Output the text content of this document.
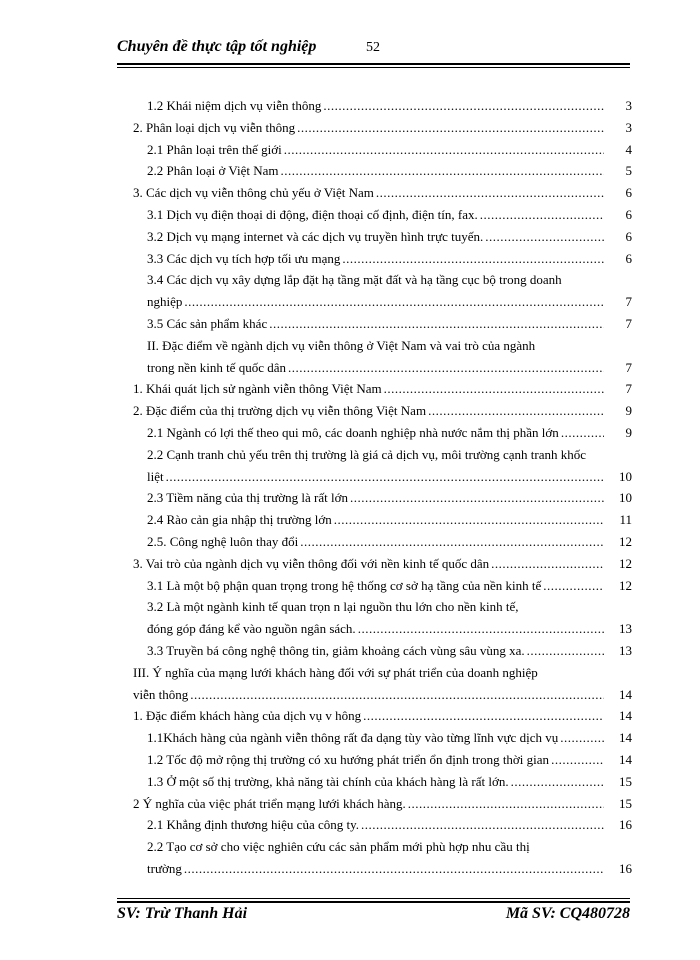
Chuyên đề thực tập tốt nghiệp	52
1.2 Khái niệm dịch vụ viễn thông .....	3
2. Phân loại dịch vụ viễn thông .....	3
2.1 Phân loại trên thế giới .....	4
2.2 Phân loại ở Việt Nam .....	5
3. Các dịch vụ viễn thông chủ yếu ở Việt Nam .....	6
3.1 Dịch vụ điện thoại di động, điện thoại cố định, điện tín, fax. .....	6
3.2 Dịch vụ mạng internet và các dịch vụ truyền hình trực tuyến. .....	6
3.3 Các dịch vụ tích hợp tối ưu mạng .....	6
3.4 Các dịch vụ xây dựng lắp đặt hạ tầng mặt đất và hạ tầng cục bộ trong doanh
nghiệp .....	7
3.5 Các sản phẩm khác .....	7
II. Đặc điểm về ngành dịch vụ viễn thông ở Việt Nam và vai trò của ngành
trong nền kinh tế quốc dân .....	7
1. Khái quát lịch sử ngành viễn thông Việt Nam .....	7
2. Đặc điểm của thị trường dịch vụ viễn thông Việt Nam .....	9
2.1 Ngành có lợi thế theo qui mô, các doanh nghiệp nhà nước nắm thị phần lớn .....	9
2.2 Cạnh tranh chủ yếu trên thị trường là giá cả dịch vụ, môi trường cạnh tranh khốc
liệt .....	10
2.3 Tiềm năng của thị trường là rất lớn .....	10
2.4 Rào cản gia nhập thị trường lớn .....	11
2.5. Công nghệ luôn thay đổi .....	12
3. Vai trò của ngành dịch vụ viễn thông đối với nền kinh tế quốc dân .....	12
3.1 Là một bộ phận quan trọng trong hệ thống cơ sở hạ tầng của nền kinh tế .....	12
3.2 Là một ngành kinh tế quan trọn n lại nguồn thu lớn cho nền kinh tế,
đóng góp đáng kể vào nguồn ngân sách. .....	13
3.3 Truyền bá công nghệ thông tin, giảm khoảng cách vùng sâu vùng xa. .....	13
III. Ý nghĩa của mạng lưới khách hàng đối với sự phát triển của doanh nghiệp
viễn thông .....	14
1. Đặc điểm khách hàng của dịch vụ v hông .....	14
1.1Khách hàng của ngành viễn thông rất đa dạng tùy vào từng lĩnh vực dịch vụ .....	14
1.2 Tốc độ mở rộng thị trường có xu hướng phát triển ổn định trong thời gian .....	14
1.3 Ở một số thị trường, khả năng tài chính của khách hàng là rất lớn. .....	15
2 Ý nghĩa của việc phát triển mạng lưới khách hàng. .....	15
2.1 Khẳng định thương hiệu của công ty. .....	16
2.2 Tạo cơ sở cho việc nghiên cứu các sản phẩm mới phù hợp nhu cầu thị
trường .....	16
SV: Trừ Thanh Hải	Mã SV: CQ480728
